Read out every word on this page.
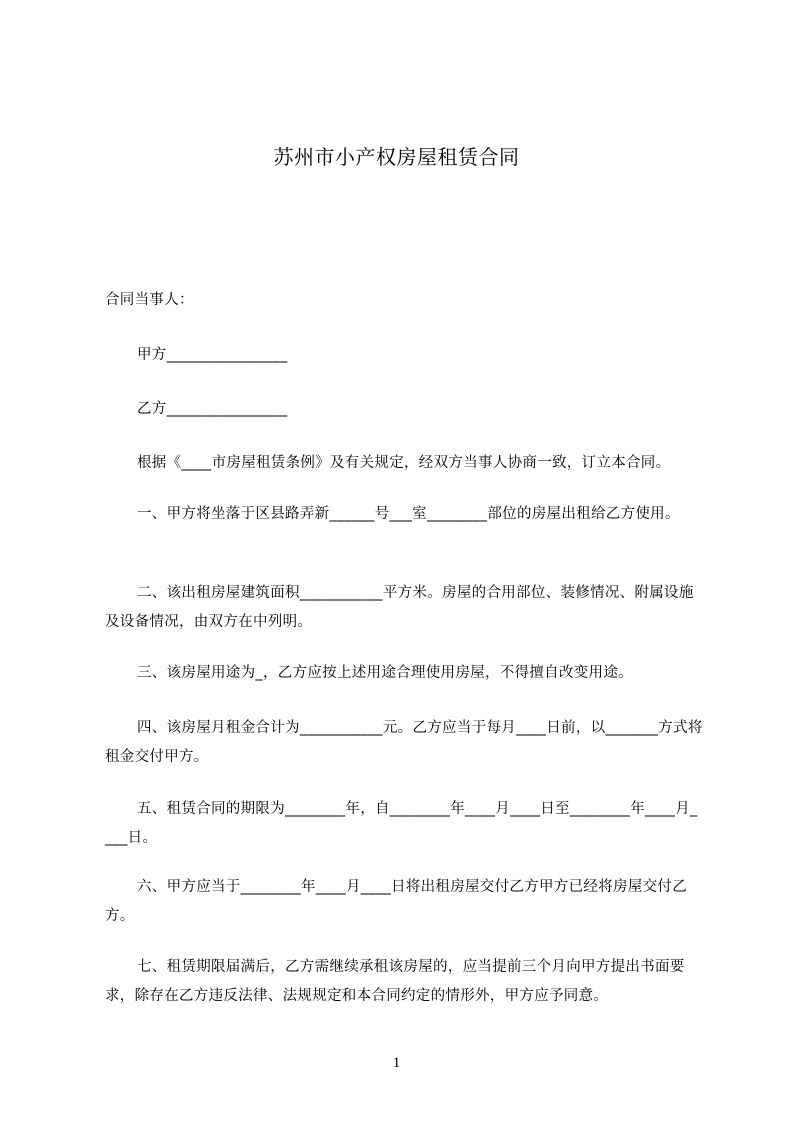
苏州市小产权房屋租赁合同
合同当事人：
甲方________________
乙方________________
根据《____市房屋租赁条例》及有关规定，经双方当事人协商一致，订立本合同。
一、甲方将坐落于区县路弄新______号___室________部位的房屋出租给乙方使用。
二、该出租房屋建筑面积___________平方米。房屋的合用部位、装修情况、附属设施及设备情况，由双方在中列明。
三、该房屋用途为_，乙方应按上述用途合理使用房屋，不得擅自改变用途。
四、该房屋月租金合计为___________元。乙方应当于每月____日前，以_______方式将租金交付甲方。
五、租赁合同的期限为________年，自________年____月____日至________年____月____日。
六、甲方应当于________年____月____日将出租房屋交付乙方甲方已经将房屋交付乙方。
七、租赁期限届满后，乙方需继续承租该房屋的，应当提前三个月向甲方提出书面要求，除存在乙方违反法律、法规规定和本合同约定的情形外，甲方应予同意。
1
